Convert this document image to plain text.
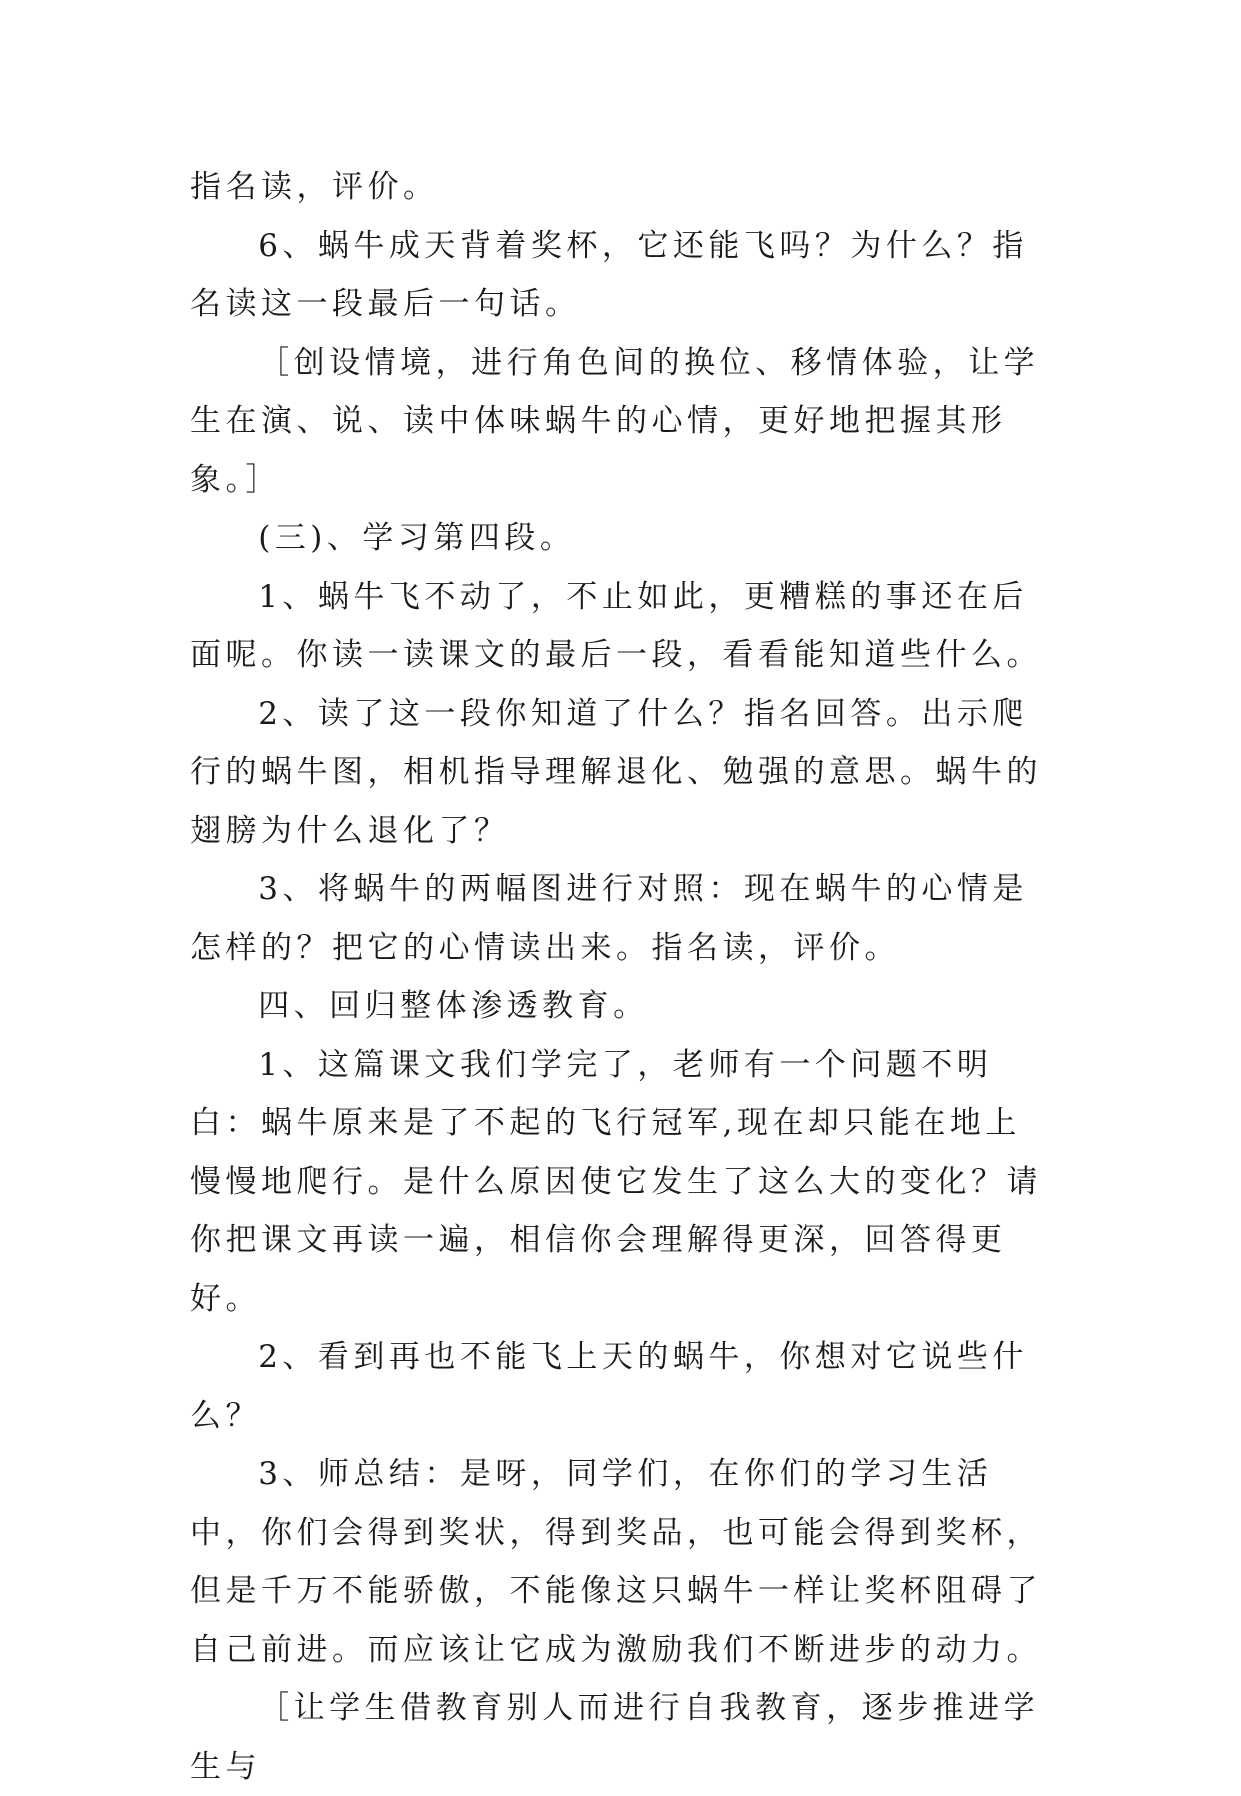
指名读，评价。

6、蜗牛成天背着奖杯，它还能飞吗？为什么？指名读这一段最后一句话。

［创设情境，进行角色间的换位、移情体验，让学生在演、说、读中体味蜗牛的心情，更好地把握其形象。］

(三)、学习第四段。

1、蜗牛飞不动了，不止如此，更糟糕的事还在后面呢。你读一读课文的最后一段，看看能知道些什么。

2、读了这一段你知道了什么？指名回答。出示爬行的蜗牛图，相机指导理解退化、勉强的意思。蜗牛的翅膀为什么退化了？

3、将蜗牛的两幅图进行对照：现在蜗牛的心情是怎样的？把它的心情读出来。指名读，评价。

四、回归整体渗透教育。

1、这篇课文我们学完了，老师有一个问题不明白：蜗牛原来是了不起的飞行冠军,现在却只能在地上慢慢地爬行。是什么原因使它发生了这么大的变化？请你把课文再读一遍，相信你会理解得更深，回答得更好。

2、看到再也不能飞上天的蜗牛，你想对它说些什么？

3、师总结：是呀，同学们，在你们的学习生活中，你们会得到奖状，得到奖品，也可能会得到奖杯，但是千万不能骄傲，不能像这只蜗牛一样让奖杯阻碍了自己前进。而应该让它成为激励我们不断进步的动力。

［让学生借教育别人而进行自我教育，逐步推进学生与
